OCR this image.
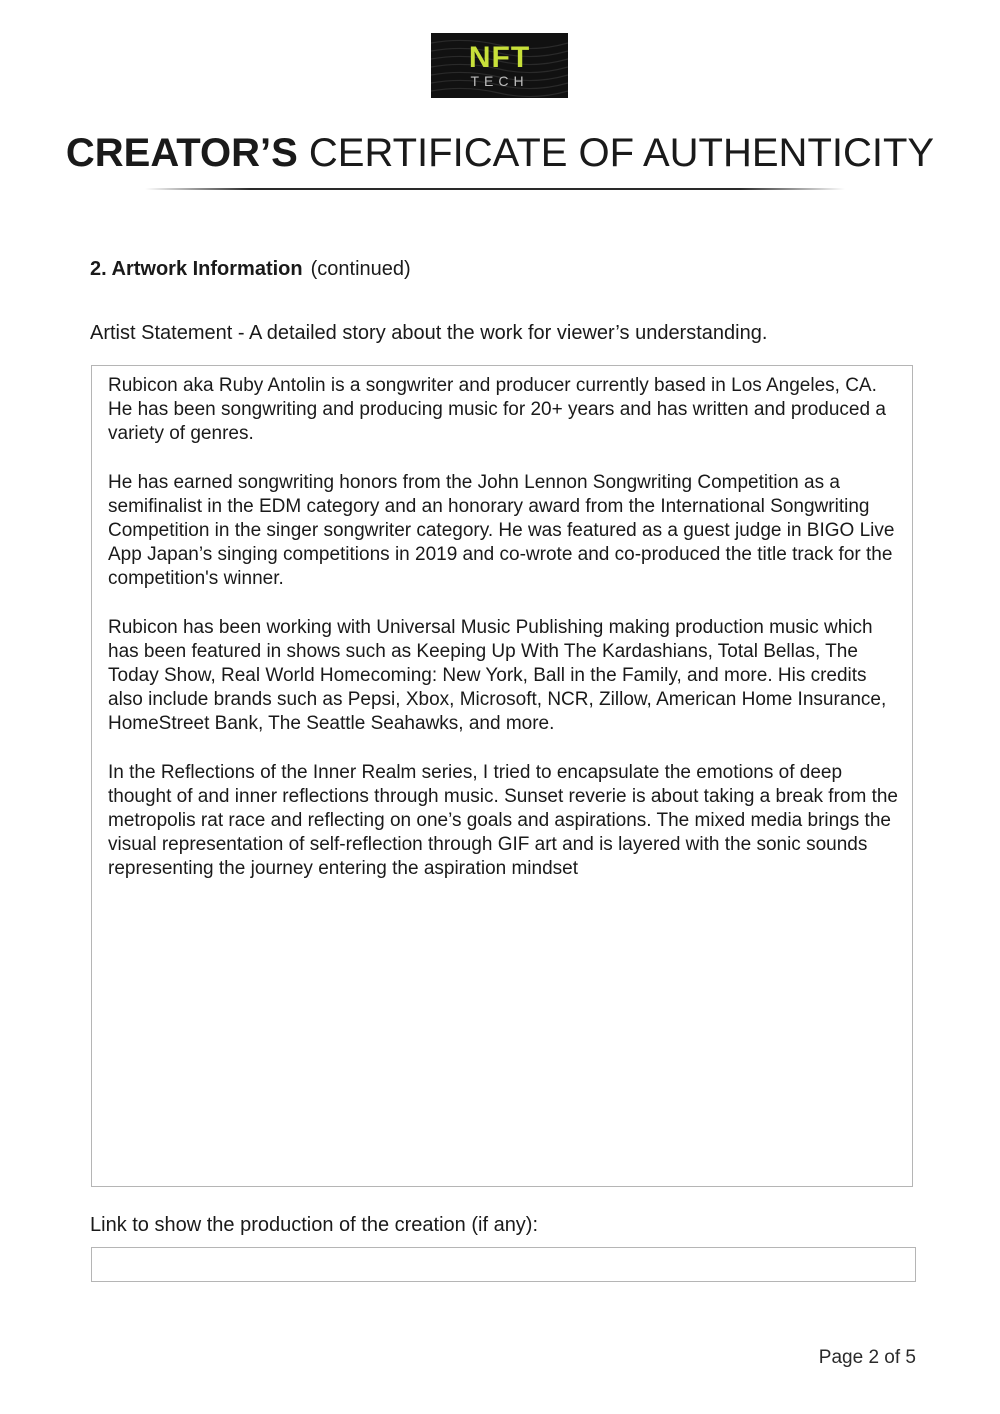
NFT
TECH
CREATOR’S CERTIFICATE OF AUTHENTICITY
2. Artwork Information (continued)
Artist Statement - A detailed story about the work for viewer’s understanding.

Rubicon aka Ruby Antolin is a songwriter and producer currently based in Los Angeles, CA. He has been songwriting and producing music for 20+ years and has written and produced a variety of genres.

He has earned songwriting honors from the John Lennon Songwriting Competition as a semifinalist in the EDM category and an honorary award from the International Songwriting Competition in the singer songwriter category. He was featured as a guest judge in BIGO Live App Japan’s singing competitions in 2019 and co-wrote and co-produced the title track for the competition's winner.

Rubicon has been working with Universal Music Publishing making production music which has been featured in shows such as Keeping Up With The Kardashians, Total Bellas, The Today Show, Real World Homecoming: New York, Ball in the Family, and more. His credits also include brands such as Pepsi, Xbox, Microsoft, NCR, Zillow, American Home Insurance, HomeStreet Bank, The Seattle Seahawks, and more.

In the Reflections of the Inner Realm series, I tried to encapsulate the emotions of deep thought of and inner reflections through music. Sunset reverie is about taking a break from the metropolis rat race and reflecting on one’s goals and aspirations. The mixed media brings the visual representation of self-reflection through GIF art and is layered with the sonic sounds representing the journey entering the aspiration mindset

Link to show the production of the creation (if any):
Page 2 of 5
